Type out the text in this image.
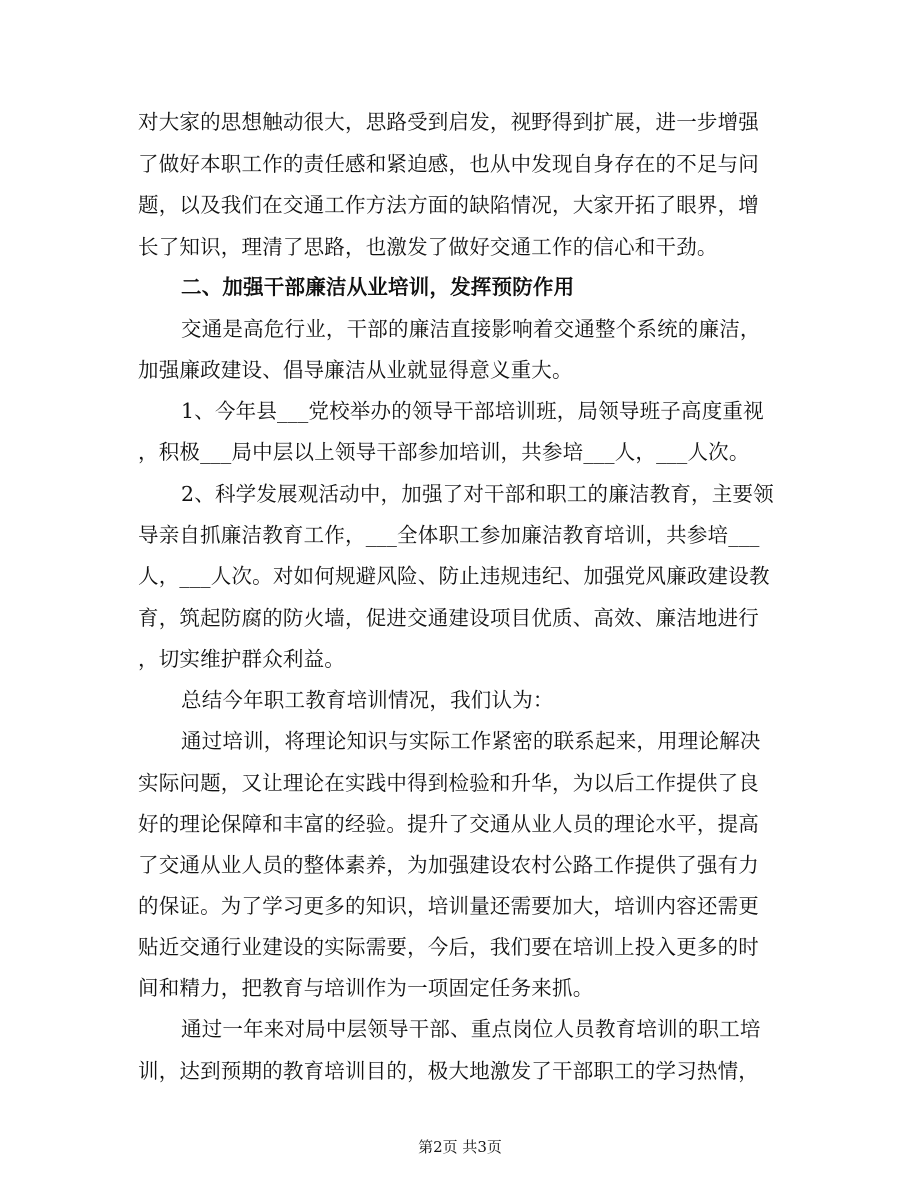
对大家的思想触动很大，思路受到启发，视野得到扩展，进一步增强
了做好本职工作的责任感和紧迫感，也从中发现自身存在的不足与问
题，以及我们在交通工作方法方面的缺陷情况，大家开拓了眼界，增
长了知识，理清了思路，也激发了做好交通工作的信心和干劲。
二、加强干部廉洁从业培训，发挥预防作用
交通是高危行业，干部的廉洁直接影响着交通整个系统的廉洁，
加强廉政建设、倡导廉洁从业就显得意义重大。
1、今年县___党校举办的领导干部培训班，局领导班子高度重视
，积极___局中层以上领导干部参加培训，共参培___人，___人次。
2、科学发展观活动中，加强了对干部和职工的廉洁教育，主要领
导亲自抓廉洁教育工作，___全体职工参加廉洁教育培训，共参培___
人，___人次。对如何规避风险、防止违规违纪、加强党风廉政建设教
育，筑起防腐的防火墙，促进交通建设项目优质、高效、廉洁地进行
，切实维护群众利益。
总结今年职工教育培训情况，我们认为：
通过培训，将理论知识与实际工作紧密的联系起来，用理论解决
实际问题，又让理论在实践中得到检验和升华，为以后工作提供了良
好的理论保障和丰富的经验。提升了交通从业人员的理论水平，提高
了交通从业人员的整体素养，为加强建设农村公路工作提供了强有力
的保证。为了学习更多的知识，培训量还需要加大，培训内容还需更
贴近交通行业建设的实际需要，今后，我们要在培训上投入更多的时
间和精力，把教育与培训作为一项固定任务来抓。
通过一年来对局中层领导干部、重点岗位人员教育培训的职工培
训，达到预期的教育培训目的，极大地激发了干部职工的学习热情，
第2页 共3页
